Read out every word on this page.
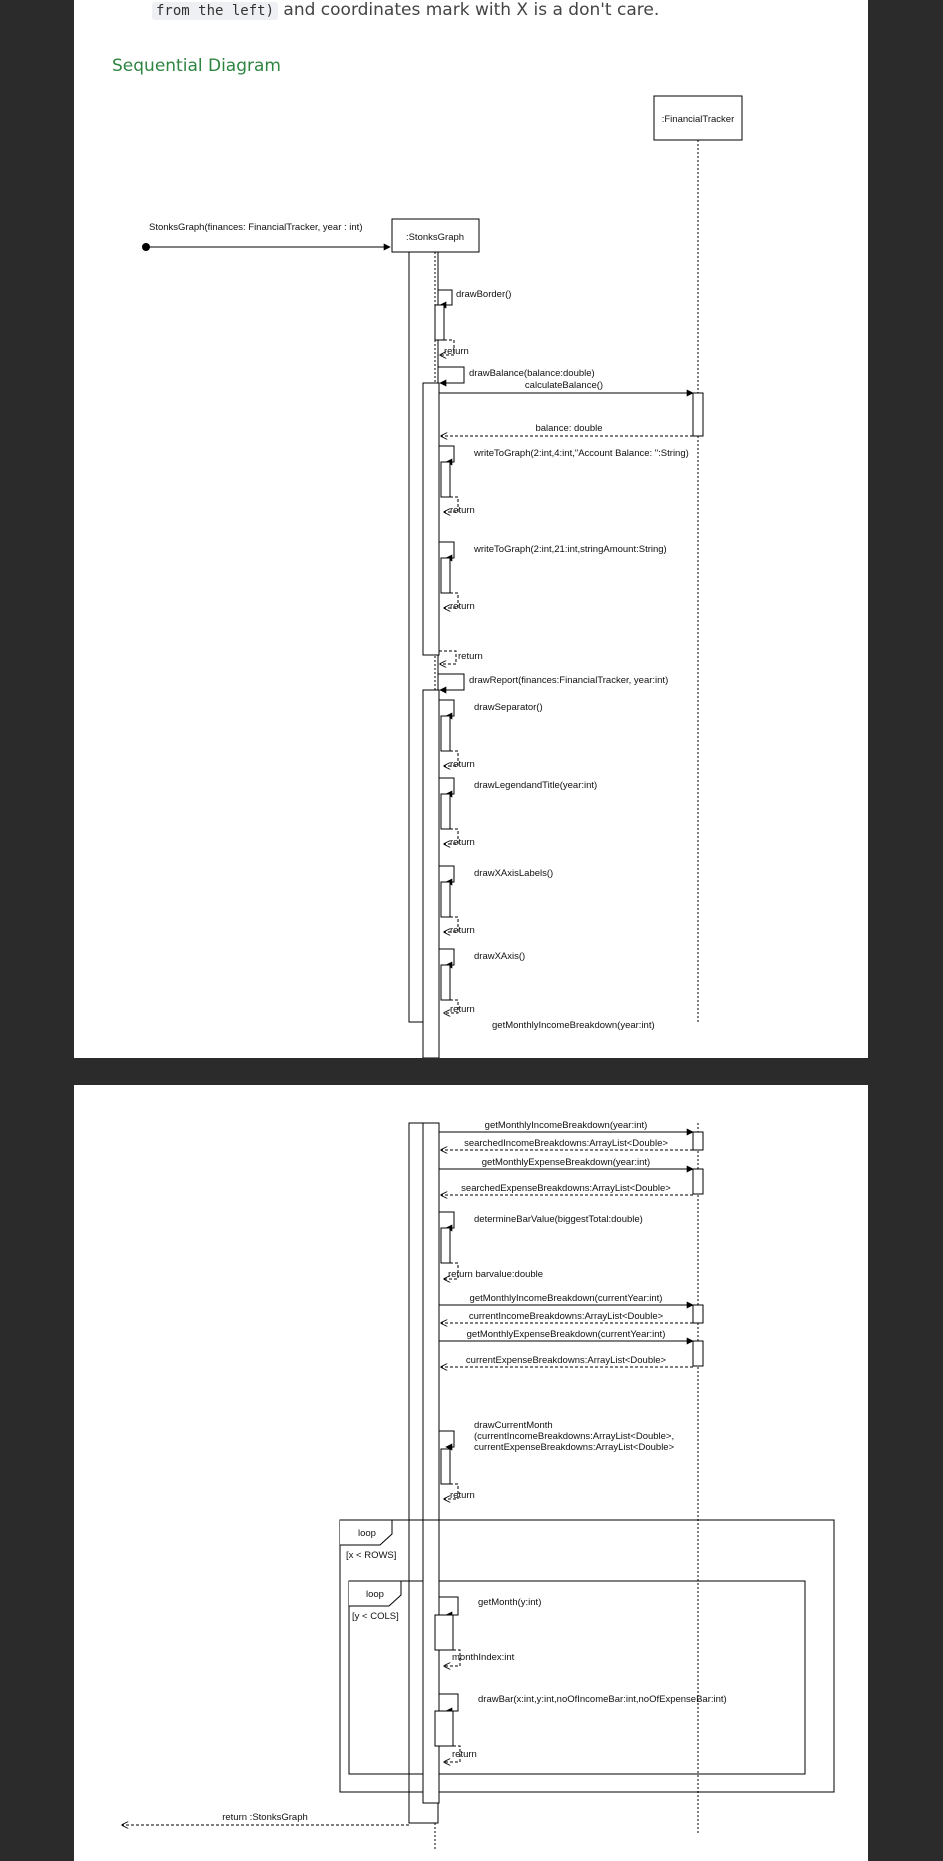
from the left) and coordinates mark with X is a don't care.
Sequential Diagram
:FinancialTracker
:StonksGraph
StonksGraph(finances: FinancialTracker, year : int)
drawBorder()
return
drawBalance(balance:double)
calculateBalance()
balance: double
writeToGraph(2:int,4:int,"Account Balance: ":String)
return
writeToGraph(2:int,21:int,stringAmount:String)
return
return
drawReport(finances:FinancialTracker, year:int)
drawSeparator()
return
drawLegendandTitle(year:int)
return
drawXAxisLabels()
return
drawXAxis()
return
getMonthlyIncomeBreakdown(year:int)
getMonthlyIncomeBreakdown(year:int)
searchedIncomeBreakdowns:ArrayList<Double>
getMonthlyExpenseBreakdown(year:int)
searchedExpenseBreakdowns:ArrayList<Double>
determineBarValue(biggestTotal:double)
return barvalue:double
getMonthlyIncomeBreakdown(currentYear:int)
currentIncomeBreakdowns:ArrayList<Double>
getMonthlyExpenseBreakdown(currentYear:int)
currentExpenseBreakdowns:ArrayList<Double>
drawCurrentMonth
(currentIncomeBreakdowns:ArrayList<Double>,
currentExpenseBreakdowns:ArrayList<Double>
return
loop
[x < ROWS]
loop
[y < COLS]
getMonth(y:int)
monthIndex:int
drawBar(x:int,y:int,noOfIncomeBar:int,noOfExpenseBar:int)
return
return :StonksGraph
